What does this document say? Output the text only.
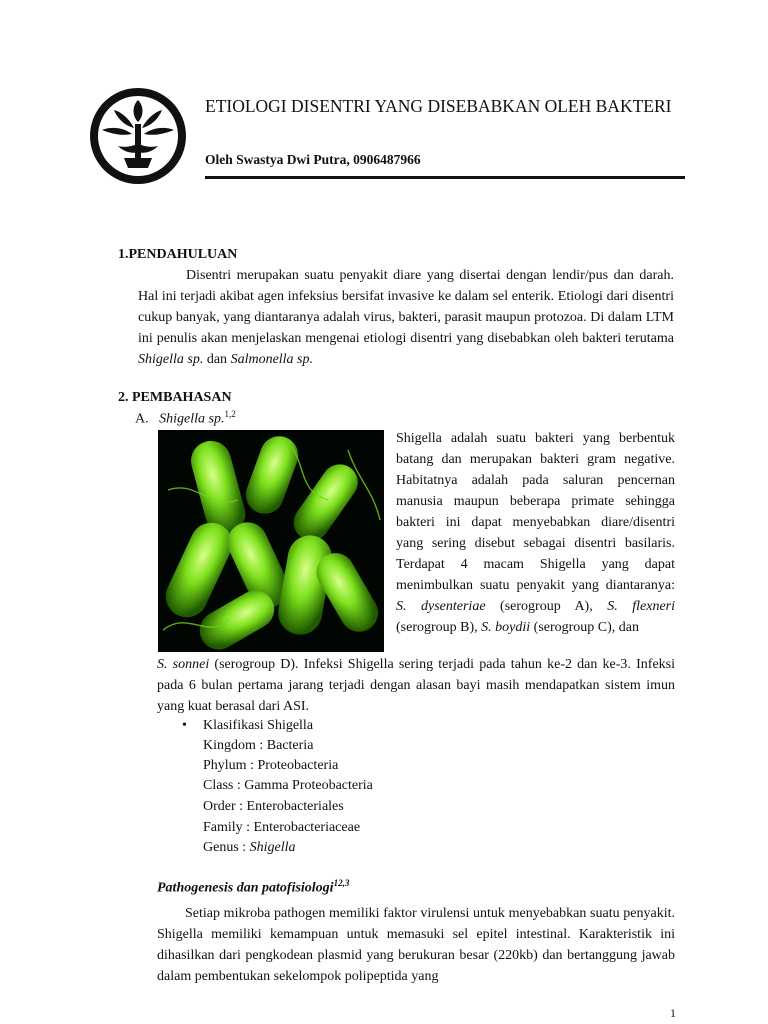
ETIOLOGI DISENTRI YANG DISEBABKAN OLEH BAKTERI
Oleh Swastya Dwi Putra, 0906487966
1.PENDAHULUAN
Disentri merupakan suatu penyakit diare yang disertai dengan lendir/pus dan darah. Hal ini terjadi akibat agen infeksius bersifat invasive ke dalam sel enterik. Etiologi dari disentri cukup banyak, yang diantaranya adalah virus, bakteri, parasit maupun protozoa. Di dalam LTM ini penulis akan menjelaskan mengenai etiologi disentri yang disebabkan oleh bakteri terutama Shigella sp. dan Salmonella sp.
2. PEMBAHASAN
A. Shigella sp.$^{1,2}$
Shigella adalah suatu bakteri yang berbentuk batang dan merupakan bakteri gram negative. Habitatnya adalah pada saluran pencernan manusia maupun beberapa primate sehingga bakteri ini dapat menyebabkan diare/disentri yang sering disebut sebagai disentri basilaris. Terdapat 4 macam Shigella yang dapat menimbulkan suatu penyakit yang diantaranya: S. dysenteriae (serogroup A), S. flexneri (serogroup B), S. boydii (serogroup C), dan
S. sonnei (serogroup D). Infeksi Shigella sering terjadi pada tahun ke-2 dan ke-3. Infeksi pada 6 bulan pertama jarang terjadi dengan alasan bayi masih mendapatkan sistem imun yang kuat berasal dari ASI.
• Klasifikasi Shigella
Kingdom : Bacteria
Phylum : Proteobacteria
Class : Gamma Proteobacteria
Order : Enterobacteriales
Family : Enterobacteriaceae
Genus : Shigella
Pathogenesis dan patofisiologi$^{12,3}$
Setiap mikroba pathogen memiliki faktor virulensi untuk menyebabkan suatu penyakit. Shigella memiliki kemampuan untuk memasuki sel epitel intestinal. Karakteristik ini dihasilkan dari pengkodean plasmid yang berukuran besar (220kb) dan bertanggung jawab dalam pembentukan sekelompok polipeptida yang
1
